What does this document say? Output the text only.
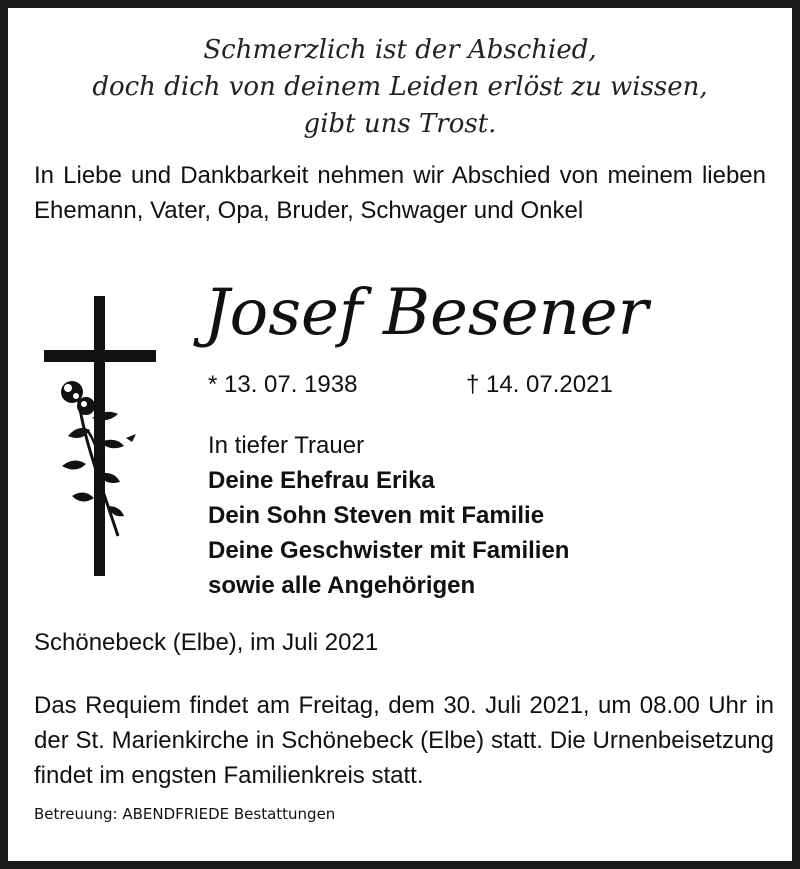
Schmerzlich ist der Abschied,
doch dich von deinem Leiden erlöst zu wissen,
gibt uns Trost.
In Liebe und Dankbarkeit nehmen wir Abschied von meinem lieben Ehemann, Vater, Opa, Bruder, Schwager und Onkel
Josef Besener
* 13. 07. 1938	† 14. 07.2021
In tiefer Trauer
Deine Ehefrau Erika
Dein Sohn Steven mit Familie
Deine Geschwister mit Familien
sowie alle Angehörigen
Schönebeck (Elbe), im Juli 2021
Das Requiem findet am Freitag, dem 30. Juli 2021, um 08.00 Uhr in der St. Marienkirche in Schönebeck (Elbe) statt. Die Urnenbeisetzung findet im engsten Familienkreis statt.
Betreuung: ABENDFRIEDE Bestattungen
